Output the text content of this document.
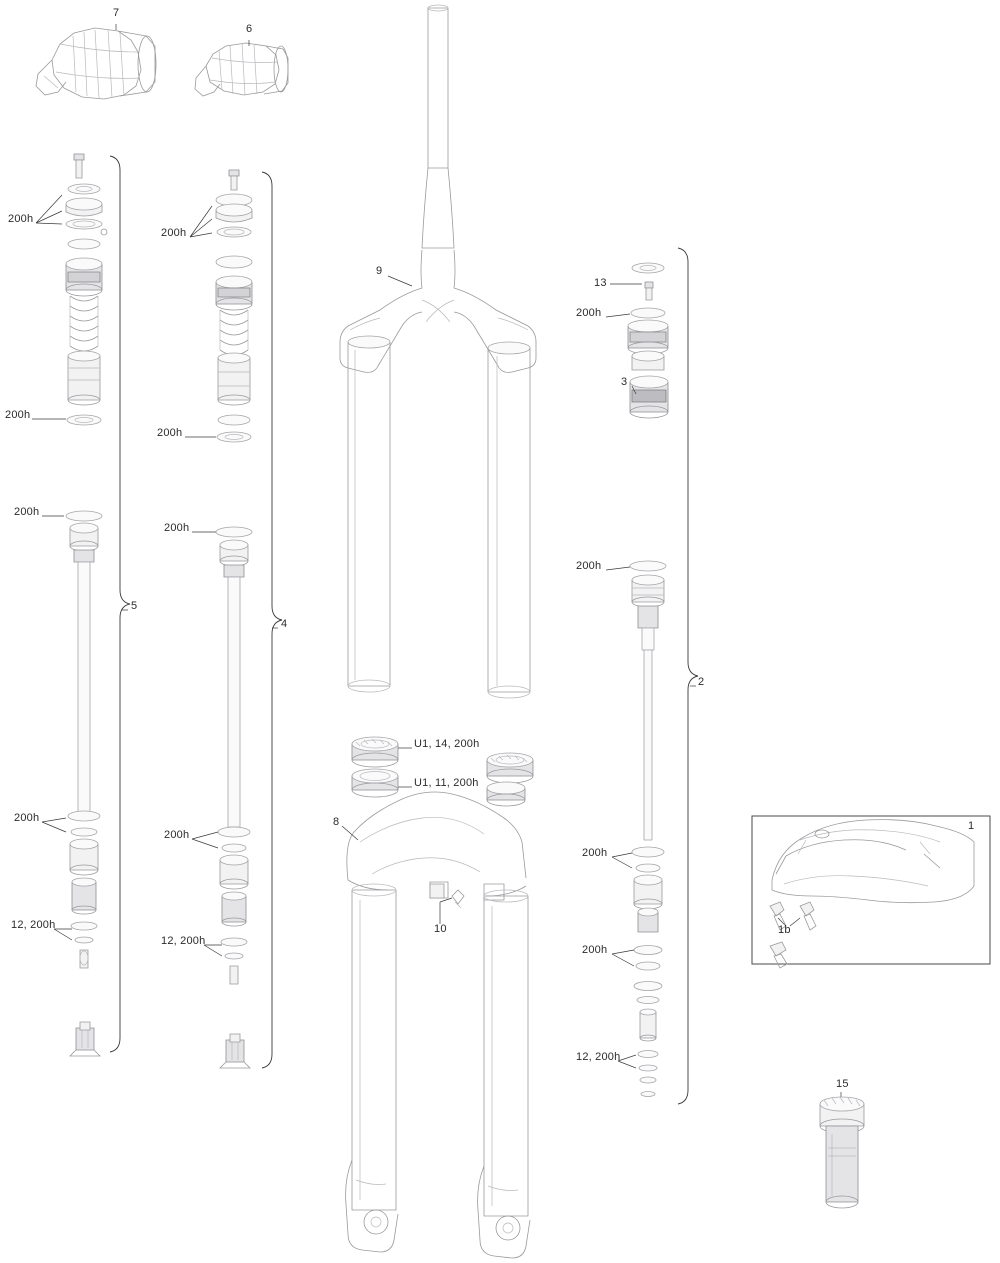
7
6
9
13
3
5
4
2
8
10
1
1b
15
200h
200h
200h
200h
200h
200h
200h
200h
200h
200h
200h
200h
U1, 14, 200h
U1, 11, 200h
12, 200h
12, 200h
12, 200h
